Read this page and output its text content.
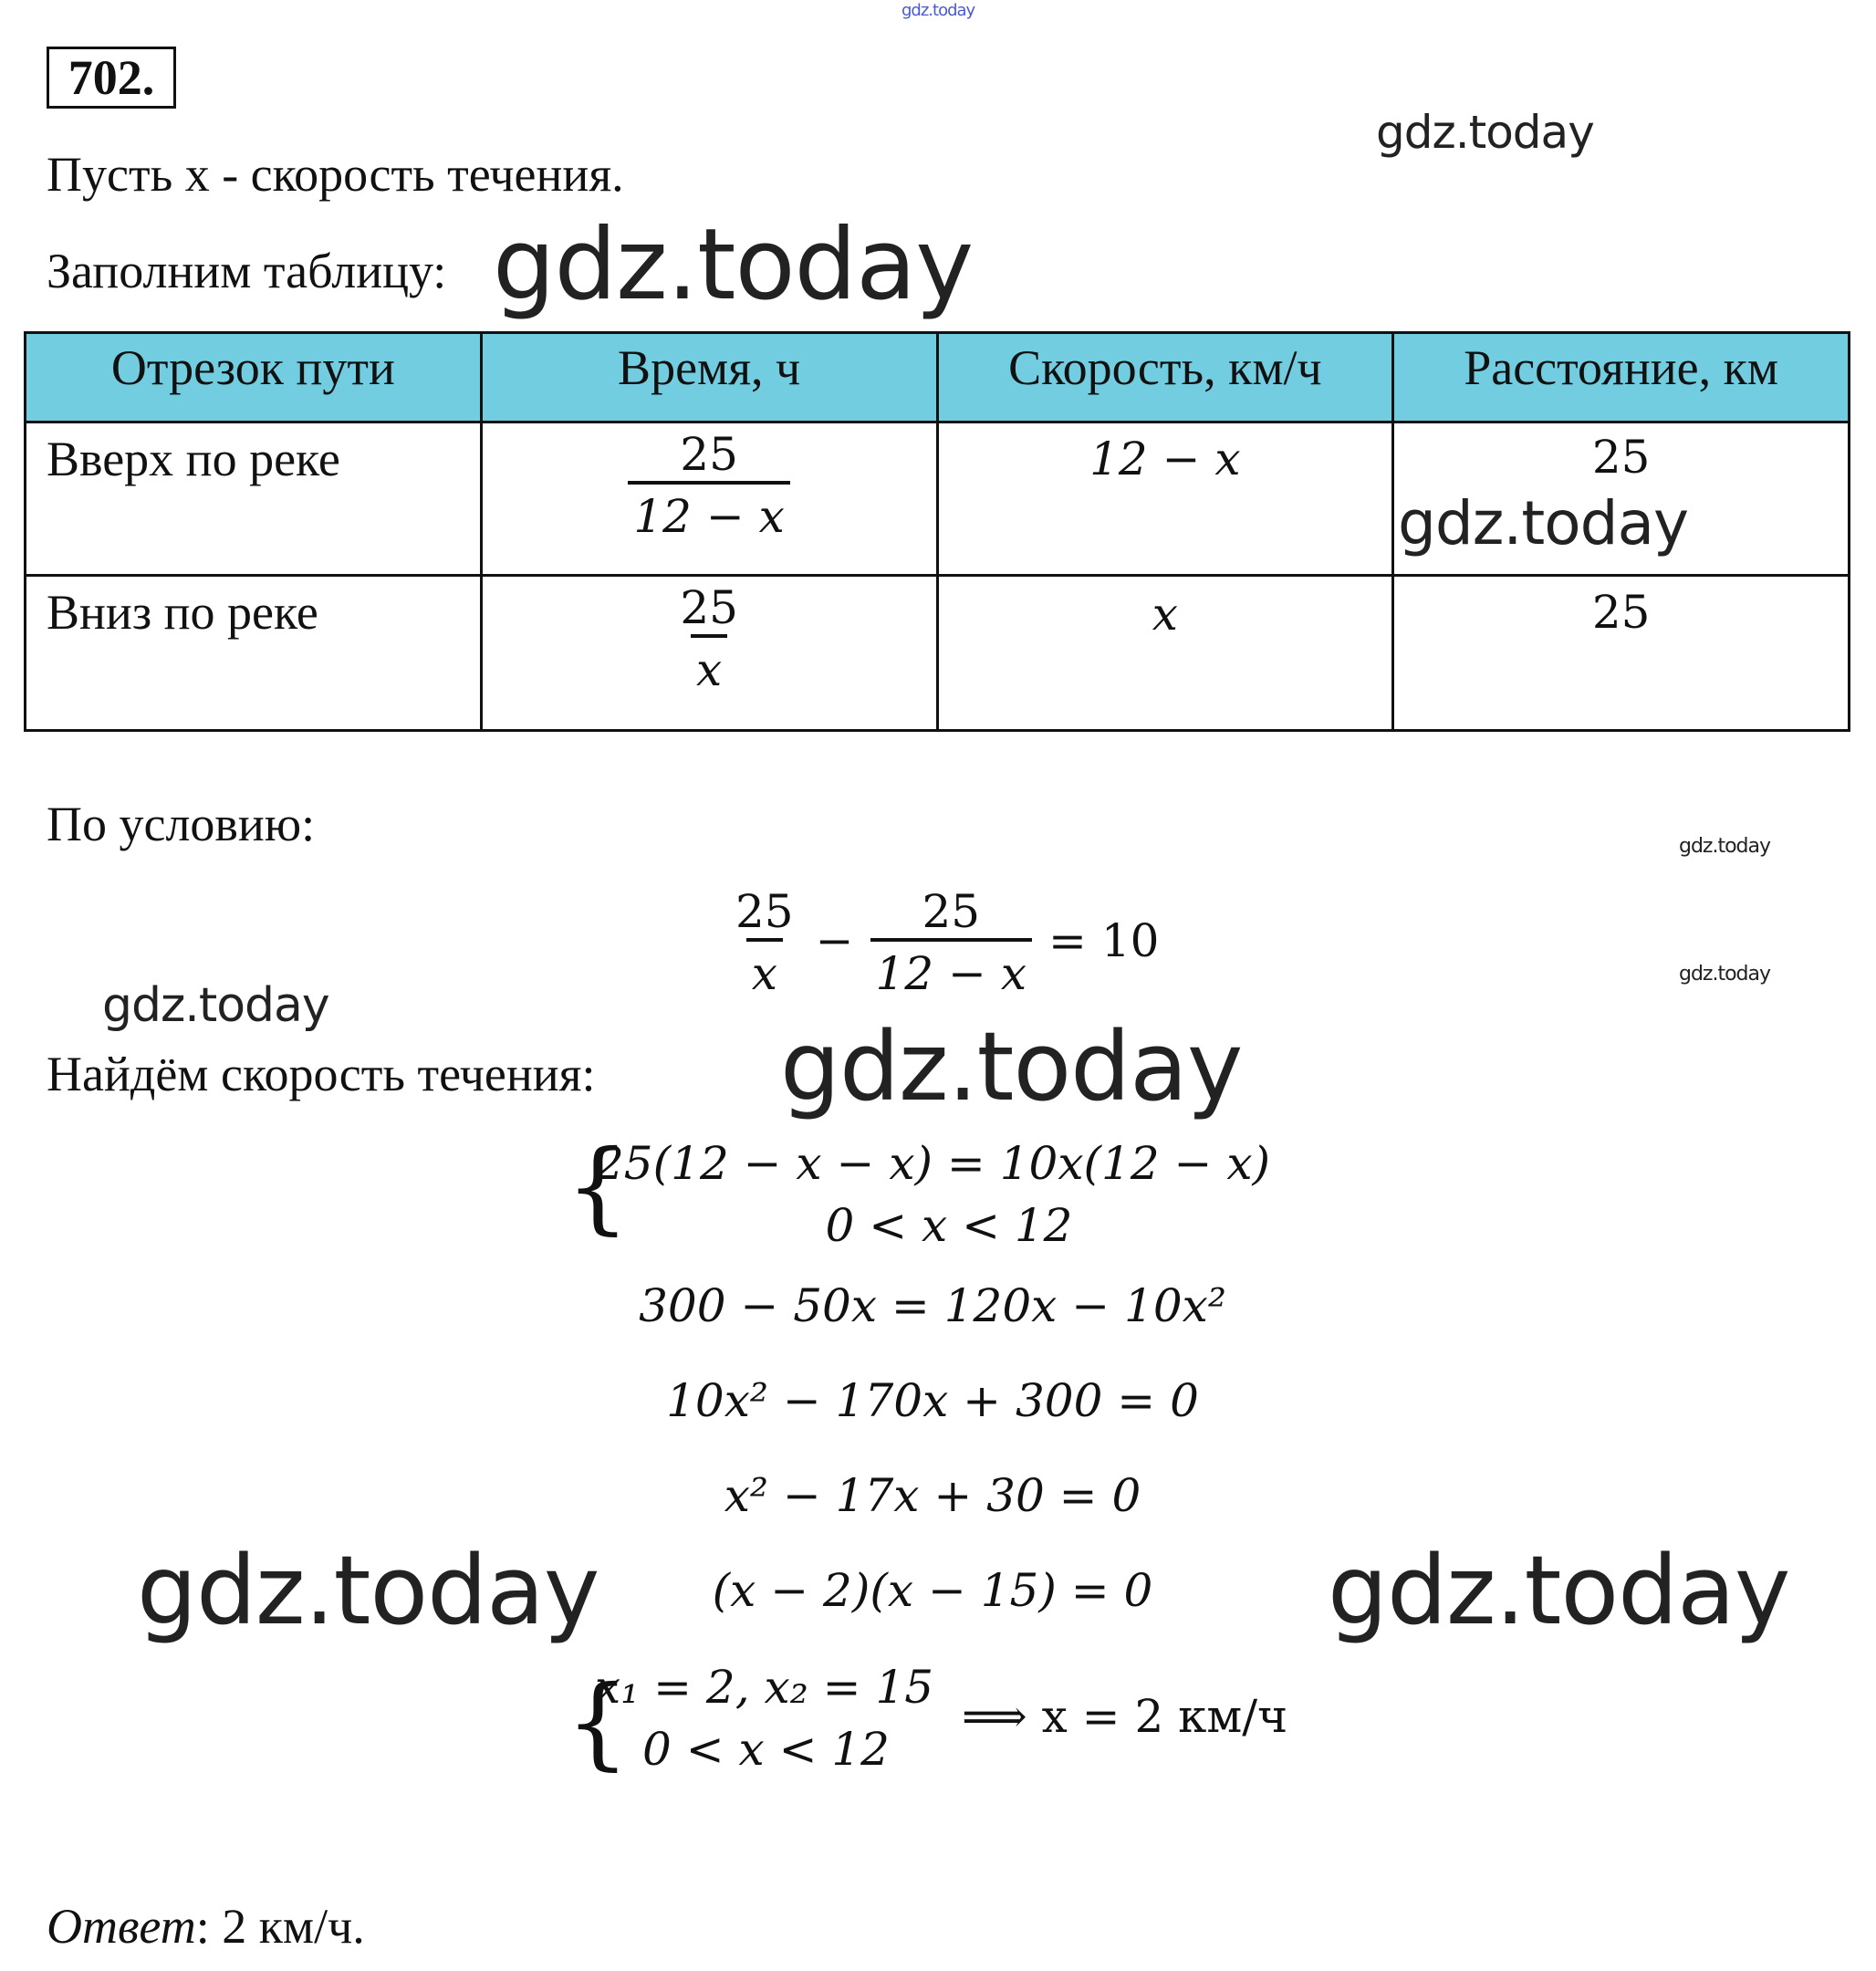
gdz.today
702.
gdz.today
Пусть x - скорость течения.
Заполним таблицу: gdz.today
Отрезок пути	Время, ч	Скорость, км/ч	Расстояние, км
Вверх по реке	$\frac{25}{12 - x}$	12 − x	25
Вниз по реке	$\frac{25}{x}$	x	25
gdz.today
По условию:	gdz.today
gdz.today
$\frac{25}{x} - \frac{25}{12 - x} = 10$
gdz.today
Найдём скорость течения: gdz.today
{
25(12 − x − x) = 10x(12 − x)
0 < x < 12
300 − 50x = 120x − 10x²
10x² − 170x + 300 = 0
x² − 17x + 30 = 0
(x − 2)(x − 15) = 0
gdz.today	gdz.today
{
x₁ = 2, x₂ = 15
0 < x < 12
⟹ x = 2 км/ч
Ответ: 2 км/ч.
